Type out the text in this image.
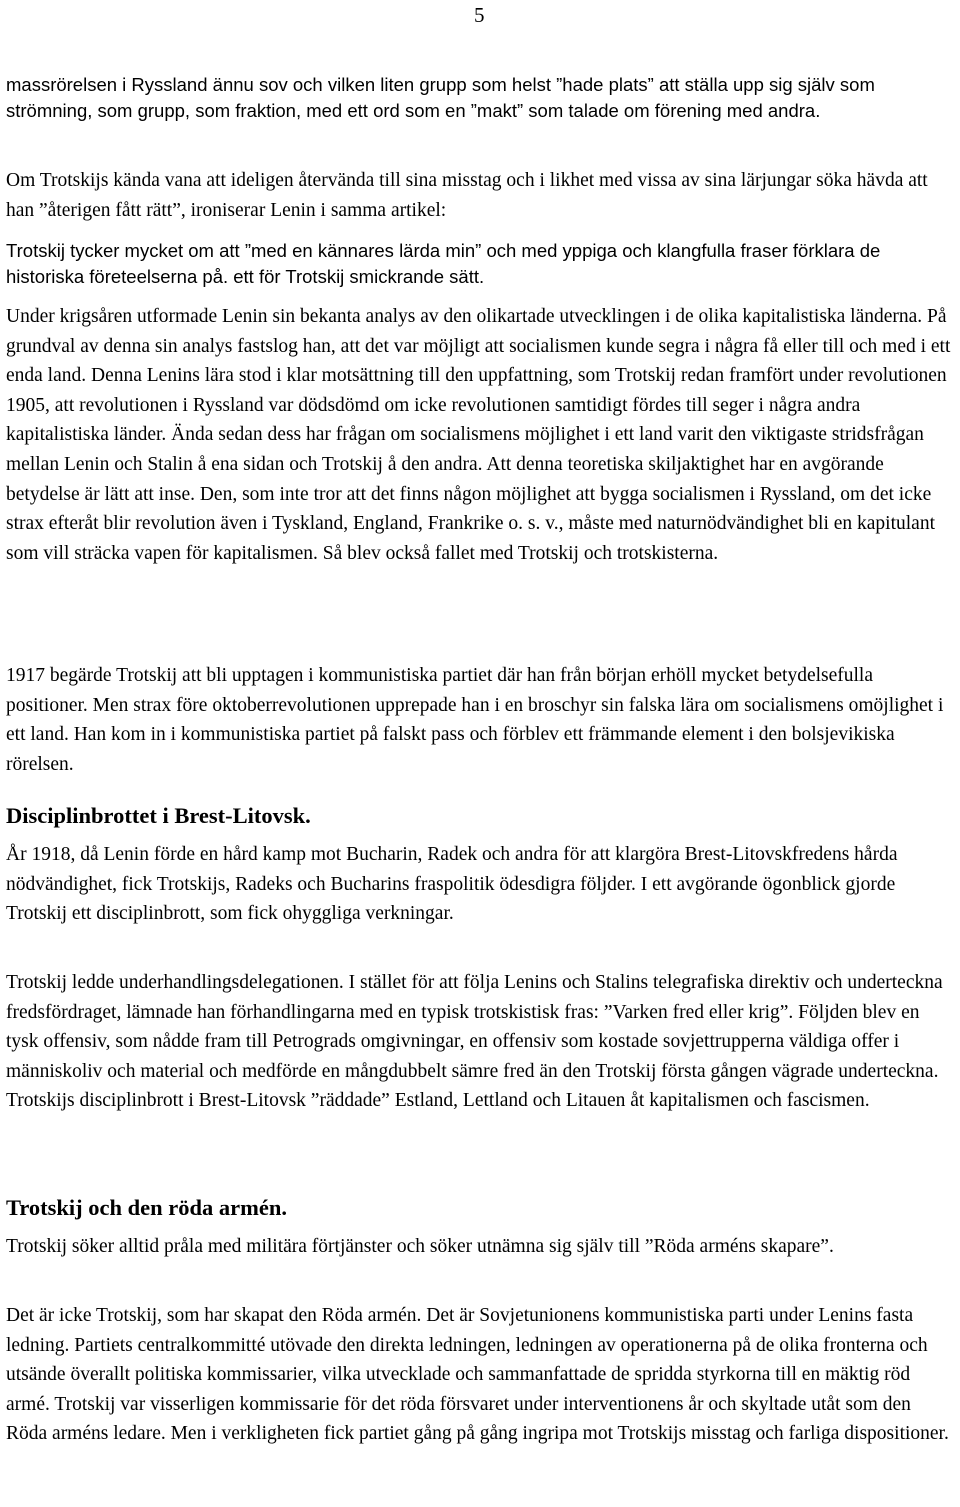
5

massrörelsen i Ryssland ännu sov och vilken liten grupp som helst ”hade plats” att ställa upp sig själv som strömning, som grupp, som fraktion, med ett ord som en ”makt” som talade om förening med andra.

Om Trotskijs kända vana att ideligen återvända till sina misstag och i likhet med vissa av sina lärjungar söka hävda att han ”återigen fått rätt”, ironiserar Lenin i samma artikel:

Trotskij tycker mycket om att ”med en kännares lärda min” och med yppiga och klangfulla fraser förklara de historiska företeelserna på. ett för Trotskij smickrande sätt.

Under krigsåren utformade Lenin sin bekanta analys av den olikartade utvecklingen i de olika kapitalistiska länderna. På grundval av denna sin analys fastslog han, att det var möjligt att socialismen kunde segra i några få eller till och med i ett enda land. Denna Lenins lära stod i klar motsättning till den uppfattning, som Trotskij redan framfört under revolutionen 1905, att revolutionen i Ryssland var dödsdömd om icke revolutionen samtidigt fördes till seger i några andra kapitalistiska länder. Ända sedan dess har frågan om socialismens möjlighet i ett land varit den viktigaste stridsfrågan mellan Lenin och Stalin å ena sidan och Trotskij å den andra. Att denna teoretiska skiljaktighet har en avgörande betydelse är lätt att inse. Den, som inte tror att det finns någon möjlighet att bygga socialismen i Ryssland, om det icke strax efteråt blir revolution även i Tyskland, England, Frankrike o. s. v., måste med naturnödvändighet bli en kapitulant som vill sträcka vapen för kapitalismen. Så blev också fallet med Trotskij och trotskisterna.

1917 begärde Trotskij att bli upptagen i kommunistiska partiet där han från början erhöll mycket betydelsefulla positioner. Men strax före oktoberrevolutionen upprepade han i en broschyr sin falska lära om socialismens omöjlighet i ett land. Han kom in i kommunistiska partiet på falskt pass och förblev ett främmande element i den bolsjevikiska rörelsen.

Disciplinbrottet i Brest-Litovsk.

År 1918, då Lenin förde en hård kamp mot Bucharin, Radek och andra för att klargöra Brest-Litovskfredens hårda nödvändighet, fick Trotskijs, Radeks och Bucharins fraspolitik ödesdigra följder. I ett avgörande ögonblick gjorde Trotskij ett disciplinbrott, som fick ohyggliga verkningar.

Trotskij ledde underhandlingsdelegationen. I stället för att följa Lenins och Stalins telegrafiska direktiv och underteckna fredsfördraget, lämnade han förhandlingarna med en typisk trotskistisk fras: ”Varken fred eller krig”. Följden blev en tysk offensiv, som nådde fram till Petrograds omgivningar, en offensiv som kostade sovjettrupperna väldiga offer i människoliv och material och medförde en mångdubbelt sämre fred än den Trotskij första gången vägrade underteckna. Trotskijs disciplinbrott i Brest-Litovsk ”räddade” Estland, Lettland och Litauen åt kapitalismen och fascismen.

Trotskij och den röda armén.

Trotskij söker alltid pråla med militära förtjänster och söker utnämna sig själv till ”Röda arméns skapare”.

Det är icke Trotskij, som har skapat den Röda armén. Det är Sovjetunionens kommunistiska parti under Lenins fasta ledning. Partiets centralkommitté utövade den direkta ledningen, ledningen av operationerna på de olika fronterna och utsände överallt politiska kommissarier, vilka utvecklade och sammanfattade de spridda styrkorna till en mäktig röd armé. Trotskij var visserligen kommissarie för det röda försvaret under interventionens år och skyltade utåt som den Röda arméns ledare. Men i verkligheten fick partiet gång på gång ingripa mot Trotskijs misstag och farliga dispositioner.
